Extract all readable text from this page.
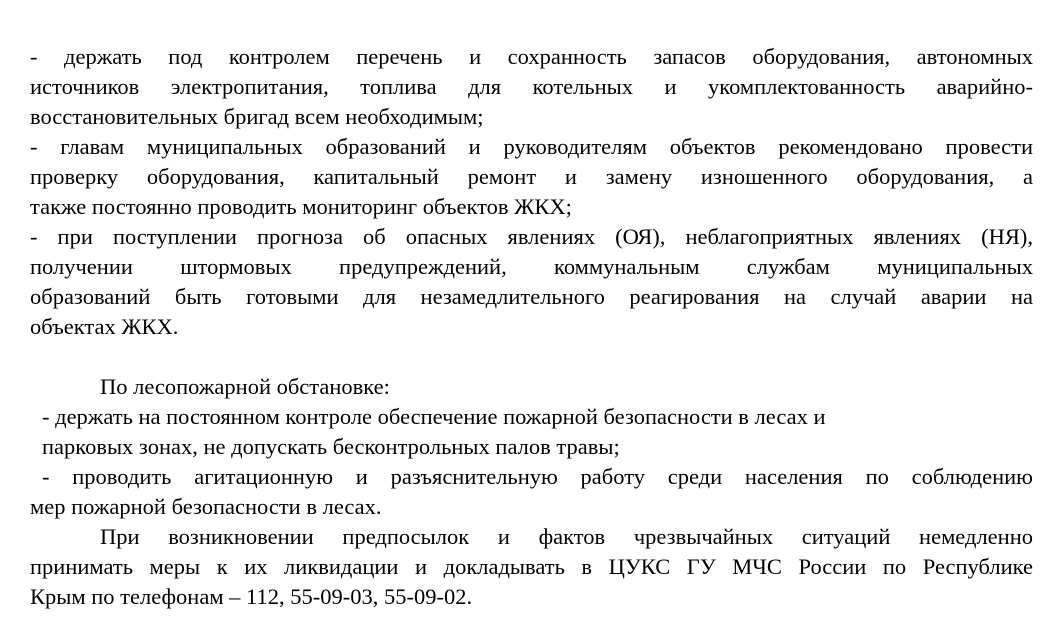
- держать под контролем перечень и сохранность запасов оборудования, автономных
источников электропитания, топлива для котельных и укомплектованность аварийно-
восстановительных бригад всем необходимым;
- главам муниципальных образований и руководителям объектов рекомендовано провести
проверку оборудования, капитальный ремонт и замену изношенного оборудования, а
также постоянно проводить мониторинг объектов ЖКХ;
- при поступлении прогноза об опасных явлениях (ОЯ), неблагоприятных явлениях (НЯ),
получении штормовых предупреждений, коммунальным службам муниципальных
образований быть готовыми для незамедлительного реагирования на случай аварии на
объектах ЖКХ.
По лесопожарной обстановке:
- держать на постоянном контроле обеспечение пожарной безопасности в лесах и
парковых зонах, не допускать бесконтрольных палов травы;
- проводить агитационную и разъяснительную работу среди населения по соблюдению
мер пожарной безопасности в лесах.
При возникновении предпосылок и фактов чрезвычайных ситуаций немедленно
принимать меры к их ликвидации и докладывать в ЦУКС ГУ МЧС России по Республике
Крым по телефонам – 112, 55-09-03, 55-09-02.
